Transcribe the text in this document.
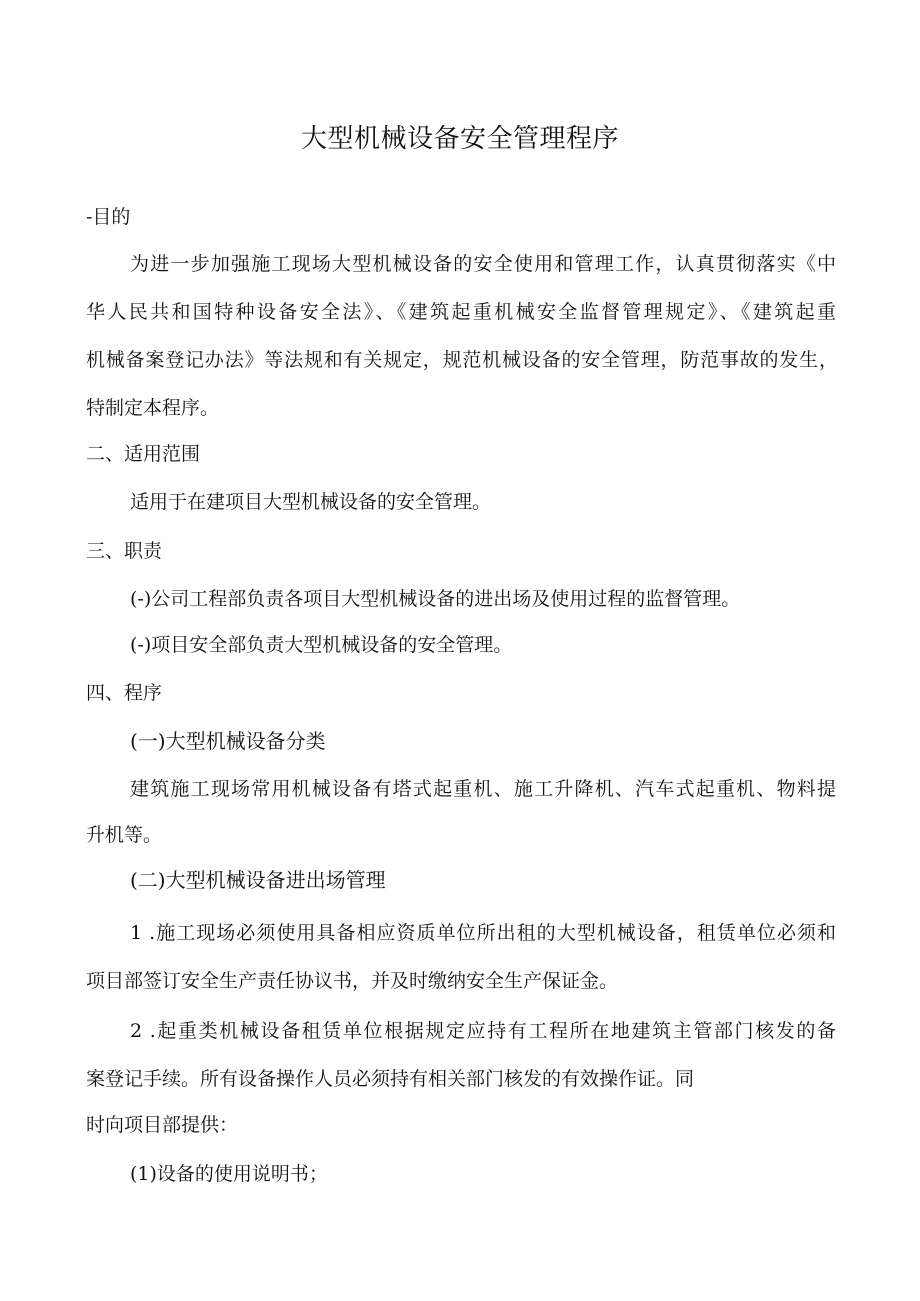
大型机械设备安全管理程序
-目的
为进一步加强施工现场大型机械设备的安全使用和管理工作，认真贯彻落实《中
华人民共和国特种设备安全法》、《建筑起重机械安全监督管理规定》、《建筑起重
机械备案登记办法》等法规和有关规定，规范机械设备的安全管理，防范事故的发生，
特制定本程序。
二、适用范围
适用于在建项目大型机械设备的安全管理。
三、职责
(-)公司工程部负责各项目大型机械设备的进出场及使用过程的监督管理。
(-)项目安全部负责大型机械设备的安全管理。
四、程序
(一)大型机械设备分类
建筑施工现场常用机械设备有塔式起重机、施工升降机、汽车式起重机、物料提
升机等。
(二)大型机械设备进出场管理
1 .施工现场必须使用具备相应资质单位所出租的大型机械设备，租赁单位必须和
项目部签订安全生产责任协议书，并及时缴纳安全生产保证金。
2 .起重类机械设备租赁单位根据规定应持有工程所在地建筑主管部门核发的备
案登记手续。所有设备操作人员必须持有相关部门核发的有效操作证。同
时向项目部提供：
(1)设备的使用说明书；
